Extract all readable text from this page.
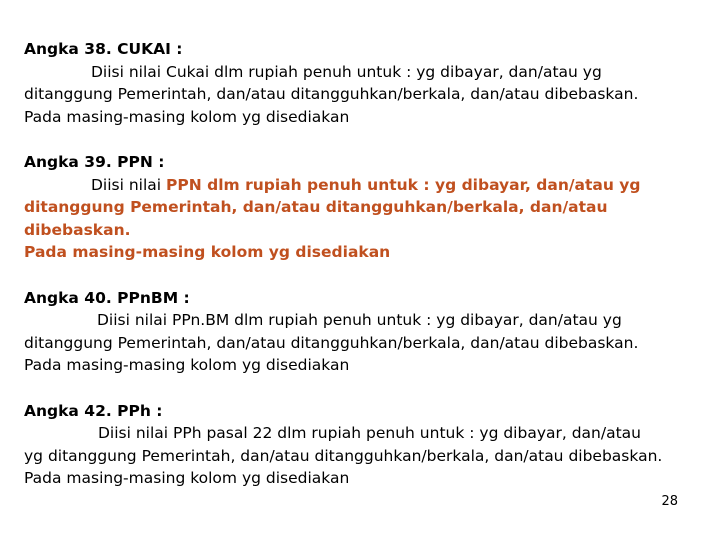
Angka 38. CUKAI :
Diisi nilai Cukai dlm rupiah penuh untuk : yg dibayar, dan/atau yg
ditanggung Pemerintah, dan/atau ditangguhkan/berkala, dan/atau dibebaskan.
Pada masing-masing kolom yg disediakan
Angka 39. PPN :
Diisi nilai PPN dlm rupiah penuh untuk : yg dibayar, dan/atau yg
ditanggung Pemerintah, dan/atau ditangguhkan/berkala, dan/atau
dibebaskan.
Pada masing-masing kolom yg disediakan
Angka 40. PPnBM :
Diisi nilai PPn.BM dlm rupiah penuh untuk : yg dibayar, dan/atau yg
ditanggung Pemerintah, dan/atau ditangguhkan/berkala, dan/atau dibebaskan.
Pada masing-masing kolom yg disediakan
Angka 42. PPh :
Diisi nilai PPh pasal 22 dlm rupiah penuh untuk : yg dibayar, dan/atau
yg ditanggung Pemerintah, dan/atau ditangguhkan/berkala, dan/atau dibebaskan.
Pada masing-masing kolom yg disediakan
28
